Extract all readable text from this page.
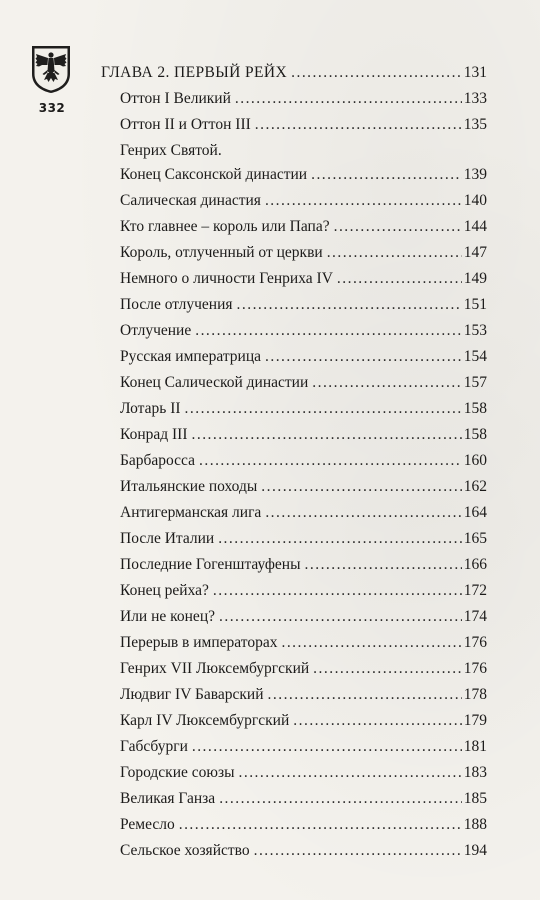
332
ГЛАВА 2. ПЕРВЫЙ РЕЙХ . . .	131
Оттон I Великий . . .	133
Оттон II и Оттон III . . .	135
Генрих Святой.
Конец Саксонской династии . . .	139
Салическая династия . . .	140
Кто главнее – король или Папа? . . .	144
Король, отлученный от церкви . . .	147
Немного о личности Генриха IV . . .	149
После отлучения . . .	151
Отлучение . . .	153
Русская императрица . . .	154
Конец Салической династии . . .	157
Лотарь II . . .	158
Конрад III . . .	158
Барбаросса . . .	160
Итальянские походы . . .	162
Антигерманская лига . . .	164
После Италии . . .	165
Последние Гогенштауфены . . .	166
Конец рейха? . . .	172
Или не конец? . . .	174
Перерыв в императорах . . .	176
Генрих VII Люксембургский . . .	176
Людвиг IV Баварский . . .	178
Карл IV Люксембургский . . .	179
Габсбурги . . .	181
Городские союзы . . .	183
Великая Ганза . . .	185
Ремесло . . .	188
Сельское хозяйство . . .	194
